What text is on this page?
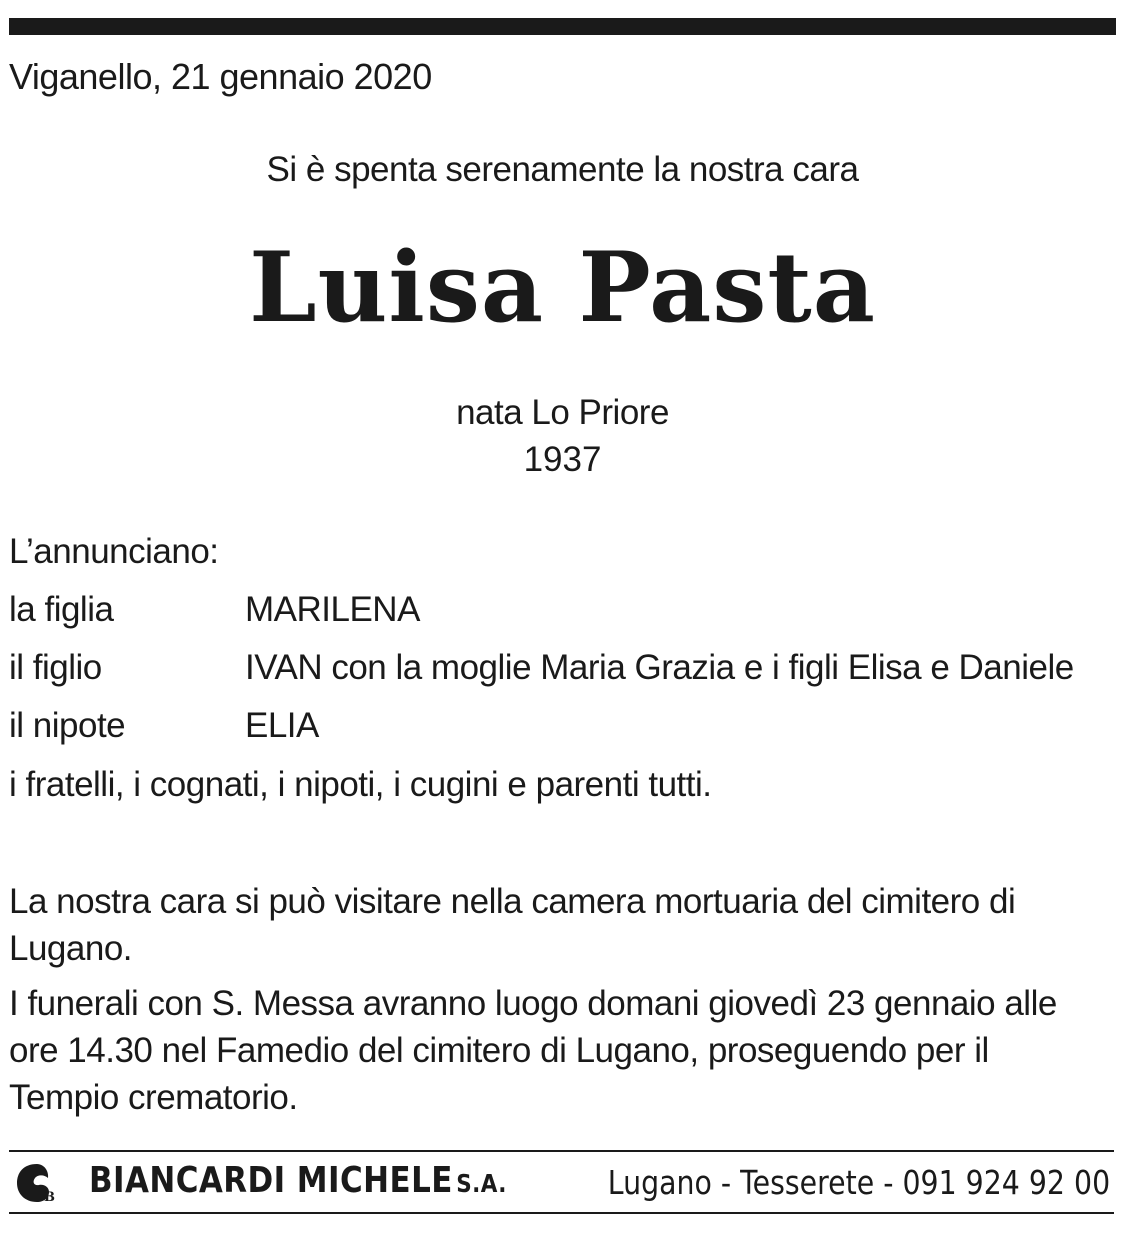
Viganello, 21 gennaio 2020
Si è spenta serenamente la nostra cara
Luisa Pasta
nata Lo Priore
1937
L’annunciano:
la figlia	MARILENA
il figlio	IVAN con la moglie Maria Grazia e i figli Elisa e Daniele
il nipote	ELIA
i fratelli, i cognati, i nipoti, i cugini e parenti tutti.
La nostra cara si può visitare nella camera mortuaria del cimitero di Lugano.
I funerali con S. Messa avranno luogo domani giovedì 23 gennaio alle ore 14.30 nel Famedio del cimitero di Lugano, proseguendo per il Tempio crematorio.
B BIANCARDI MICHELE S.A.	Lugano - Tesserete - 091 924 92 00
